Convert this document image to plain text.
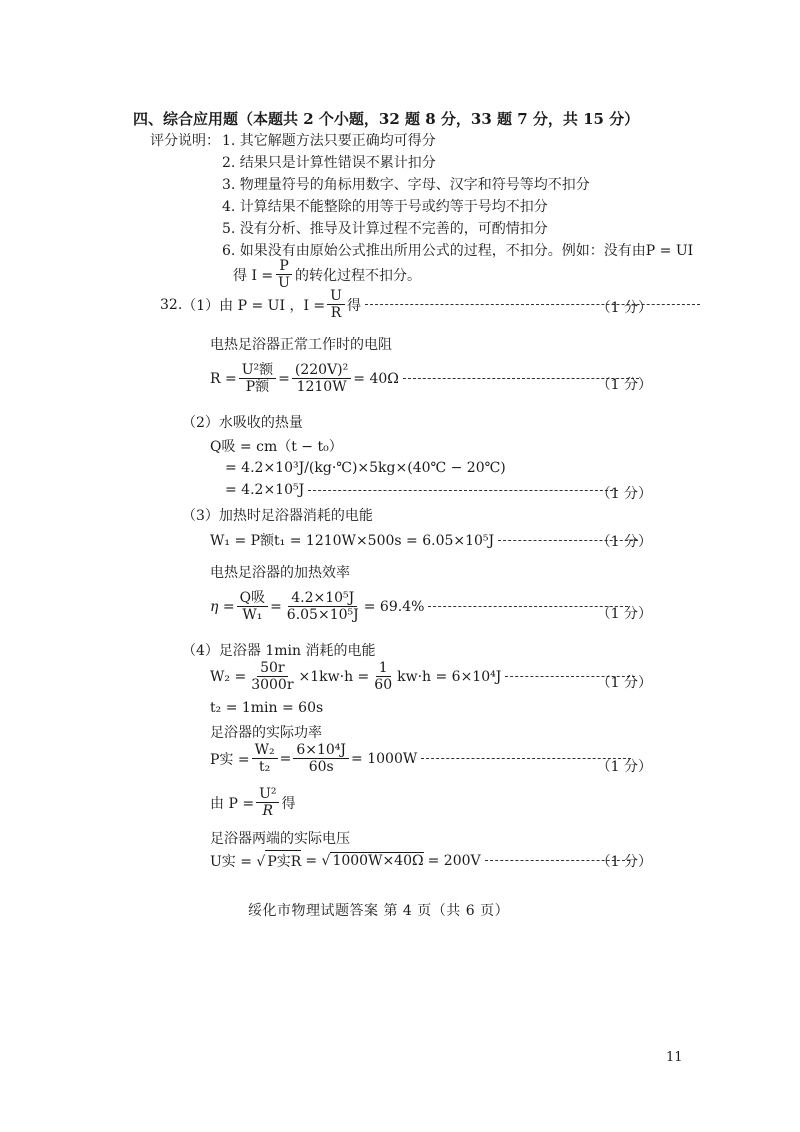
四、综合应用题（本题共 2 个小题，32 题 8 分，33 题 7 分，共 15 分）
评分说明： 1. 其它解题方法只要正确均可得分
2. 结果只是计算性错误不累计扣分
3. 物理量符号的角标用数字、字母、汉字和符号等均不扣分
4. 计算结果不能整除的用等于号或约等于号均不扣分
5. 没有分析、推导及计算过程不完善的，可酌情扣分
6. 如果没有由原始公式推出所用公式的过程，不扣分。例如：没有由P = UI
得 $I = \frac{P}{U}$ 的转化过程不扣分。
32. （1）由 P = UI ，$I = \frac{U}{R}$ 得	（1 分）
电热足浴器正常工作时的电阻
$R = \frac{\text{U²额}}{\text{P额}} = \frac{\text{(220V)²}}{1210W} = 40\Omega$	（1 分）
（2）水吸收的热量
Q吸 = cm（t − t₀）
= 4.2×10³J/(kg·℃)×5kg×(40℃ − 20℃)
= 4.2×10⁵J	（1 分）
（3）加热时足浴器消耗的电能
W₁ = P额t₁ = 1210W×500s = 6.05×10⁵J	（1 分）
电热足浴器的加热效率
$\eta = \frac{\text{Q吸}}{\text{W₁}} = \frac{\text{4.2×10⁵J}}{\text{6.05×10⁵J}} = 69.4\%$	（1 分）
（4）足浴器 1min 消耗的电能
$W_2 = \frac{50r}{3000r} \times 1kw\cdot h = \frac{1}{60} kw\cdot h = 6\times 10^4J$	（1 分）
t₂ = 1min = 60s
足浴器的实际功率
P实 = $\frac{\text{W₂}}{\text{t₂}} = \frac{\text{6×10⁴J}}{60s} = 1000W$
（1 分）
由 $P = \frac{\text{U²}}{R}$ 得
足浴器两端的实际电压
U实 = √ P实R = √ 1000W×40Ω = 200V	（1 分）
绥化市物理试题答案 第 4 页（共 6 页）
11
